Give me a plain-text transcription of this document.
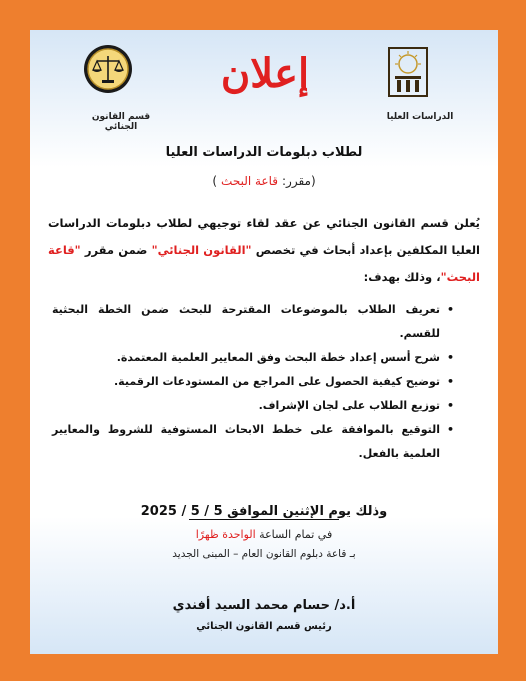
قسم القانون الجنائي
إعلان
الدراسات العليا
لطلاب دبلومات الدراسات العليا
(
مقرر:
قاعة البحث
)

يُعلن قسم القانون الجنائي عن عقد لقاء توجيهي لطلاب دبلومات الدراسات العليا المكلفين بإعداد أبحاث في تخصص "القانون الجنائي" ضمن مقرر "قاعة البحث"، وذلك بهدف:

• تعريف الطلاب بالموضوعات المقترحة للبحث ضمن الخطة البحثية للقسم.
• شرح أسس إعداد خطة البحث وفق المعايير العلمية المعتمدة.
• توضيح كيفية الحصول على المراجع من المستودعات الرقمية.
• توزيع الطلاب على لجان الإشراف.
• التوقيع بالموافقة على خطط الابحاث المستوفية للشروط والمعايير العلمية بالفعل.
وذلك يوم الإثنين الموافق 5 / 5 / 2025
في تمام الساعة الواحدة ظهرًا
بـ قاعة دبلوم القانون العام – المبنى الجديد
أ.د/ حسام محمد السيد أفندي
رئيس قسم القانون الجنائي
